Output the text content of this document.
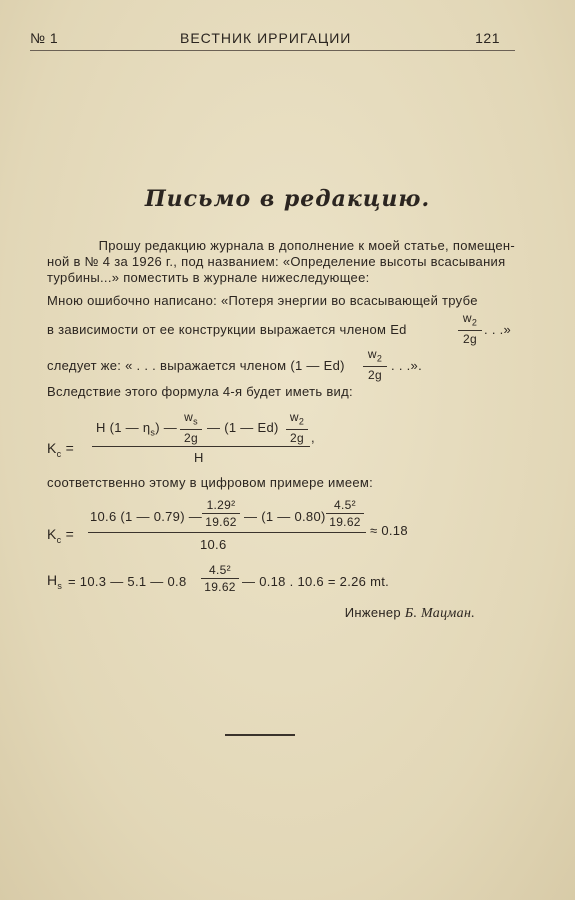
№ 1	ВЕСТНИК ИРРИГАЦИИ	121
Письмо в редакцию.
Прошу редакцию журнала в дополнение к моей статье, помещен-
ной в № 4 за 1926 г., под названием: «Определение высоты всасывания
турбины...» поместить в журнале нижеследующее:
Мною ошибочно написано: «Потеря энергии во всасывающей трубе
в зависимости от ее конструкции выражается членом Ed
$w_2$
2g
. . .»
следует же: « . . . выражается членом (1 — Ed)
$w_2$
2g
. . .».
Вследствие этого формула 4-я будет иметь вид:
$K_c$ =
H (1 — $\eta_s$) —
$w_s$
2g
— (1 — Ed)
$w_2$
2g ,
H
соответственно этому в цифровом примере имеем:
$K_c$ =
10.6 (1 — 0.79) —
1.29²
19.62 — (1 — 0.80)
4.5²
19.62
10.6
≈ 0.18
$H_s = 10.3$ — 5.1 — 0.8
4.5²
19.62 — 0.18 . 10.6 = 2.26 mt.
Инженер Б. Мацман.
